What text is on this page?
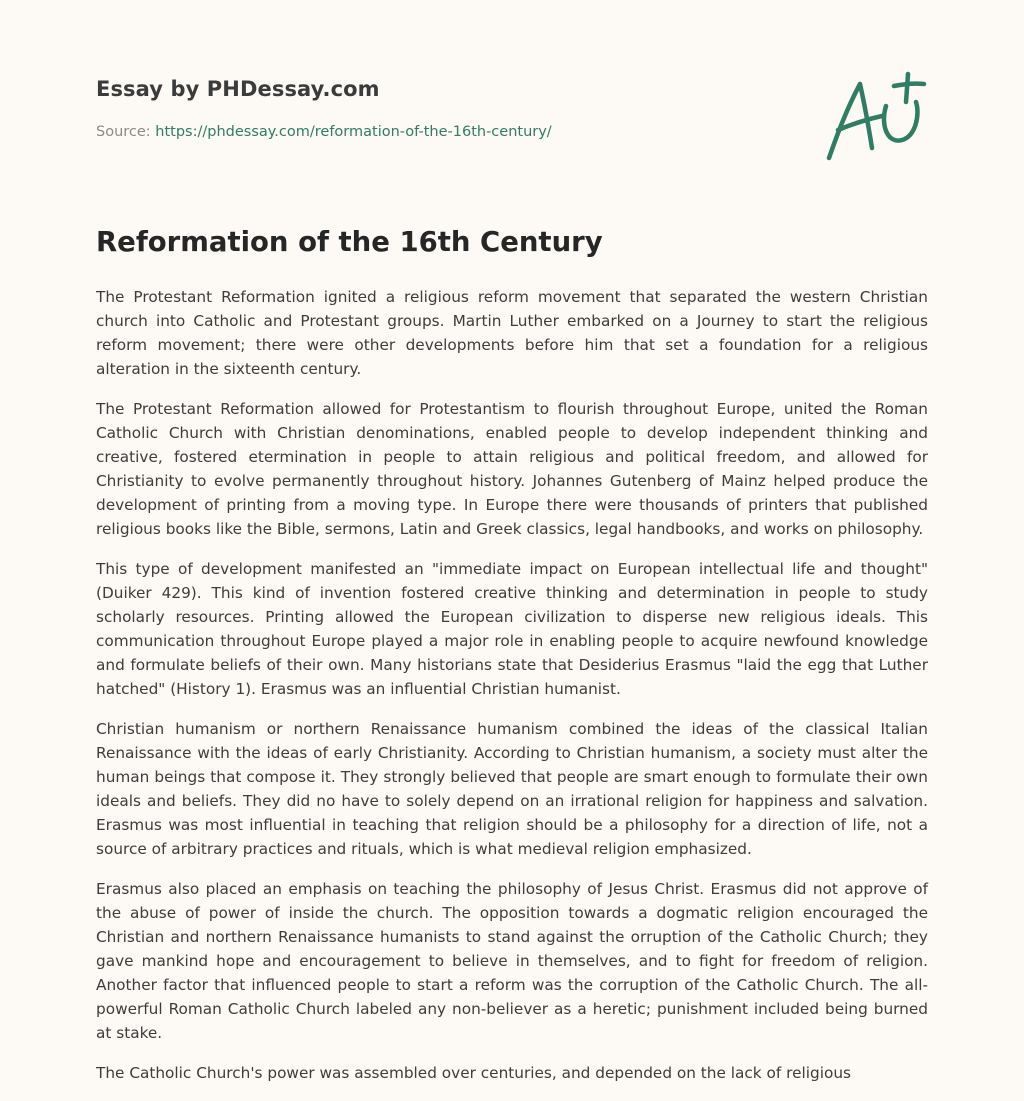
Essay by PHDessay.com
Source: https://phdessay.com/reformation-of-the-16th-century/
Reformation of the 16th Century

The Protestant Reformation ignited a religious reform movement that separated the western Christian church into Catholic and Protestant groups. Martin Luther embarked on a Journey to start the religious reform movement; there were other developments before him that set a foundation for a religious alteration in the sixteenth century.

The Protestant Reformation allowed for Protestantism to flourish throughout Europe, united the Roman Catholic Church with Christian denominations, enabled people to develop independent thinking and creative, fostered etermination in people to attain religious and political freedom, and allowed for Christianity to evolve permanently throughout history. Johannes Gutenberg of Mainz helped produce the development of printing from a moving type. In Europe there were thousands of printers that published religious books like the Bible, sermons, Latin and Greek classics, legal handbooks, and works on philosophy.

This type of development manifested an "immediate impact on European intellectual life and thought" (Duiker 429). This kind of invention fostered creative thinking and determination in people to study scholarly resources. Printing allowed the European civilization to disperse new religious ideals. This communication throughout Europe played a major role in enabling people to acquire newfound knowledge and formulate beliefs of their own. Many historians state that Desiderius Erasmus "laid the egg that Luther hatched" (History 1). Erasmus was an influential Christian humanist.

Christian humanism or northern Renaissance humanism combined the ideas of the classical Italian Renaissance with the ideas of early Christianity. According to Christian humanism, a society must alter the human beings that compose it. They strongly believed that people are smart enough to formulate their own ideals and beliefs. They did no have to solely depend on an irrational religion for happiness and salvation. Erasmus was most influential in teaching that religion should be a philosophy for a direction of life, not a source of arbitrary practices and rituals, which is what medieval religion emphasized.

Erasmus also placed an emphasis on teaching the philosophy of Jesus Christ. Erasmus did not approve of the abuse of power of inside the church. The opposition towards a dogmatic religion encouraged the Christian and northern Renaissance humanists to stand against the orruption of the Catholic Church; they gave mankind hope and encouragement to believe in themselves, and to fight for freedom of religion. Another factor that influenced people to start a reform was the corruption of the Catholic Church. The all-powerful Roman Catholic Church labeled any non-believer as a heretic; punishment included being burned at stake.

The Catholic Church's power was assembled over centuries, and depended on the lack of religious
